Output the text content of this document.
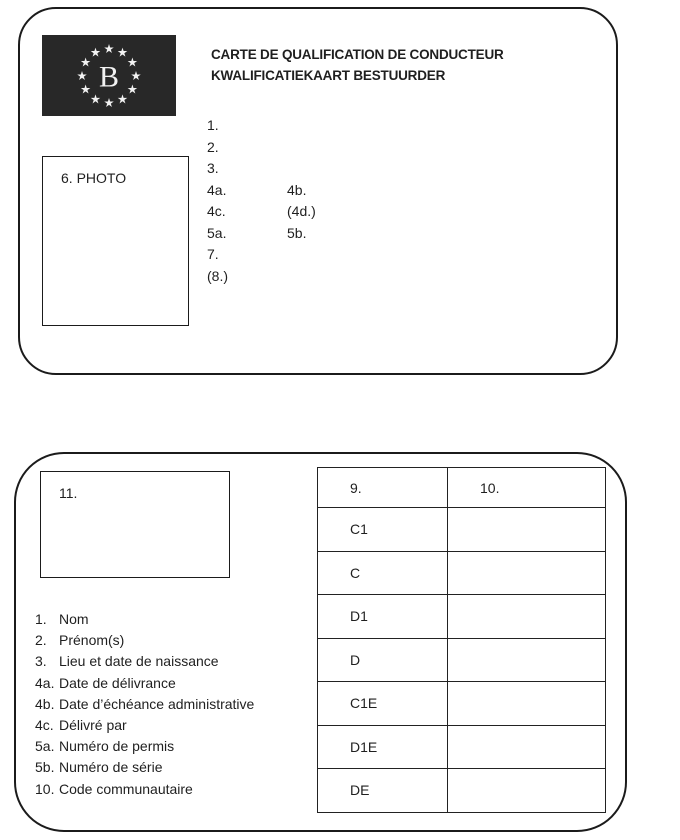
B
CARTE DE QUALIFICATION DE CONDUCTEUR
KWALIFICATIEKAART BESTUURDER
6. PHOTO
1.
2.
3.
4a.	4b.
4c.	(4d.)
5a.	5b.
7.
(8.)
11.
1. Nom
2. Prénom(s)
3. Lieu et date de naissance
4a. Date de délivrance
4b. Date d’échéance administrative
4c. Délivré par
5a. Numéro de permis
5b. Numéro de série
10. Code communautaire
9.	10.
C1	
C	
D1	
D	
C1E	
D1E	
DE	
